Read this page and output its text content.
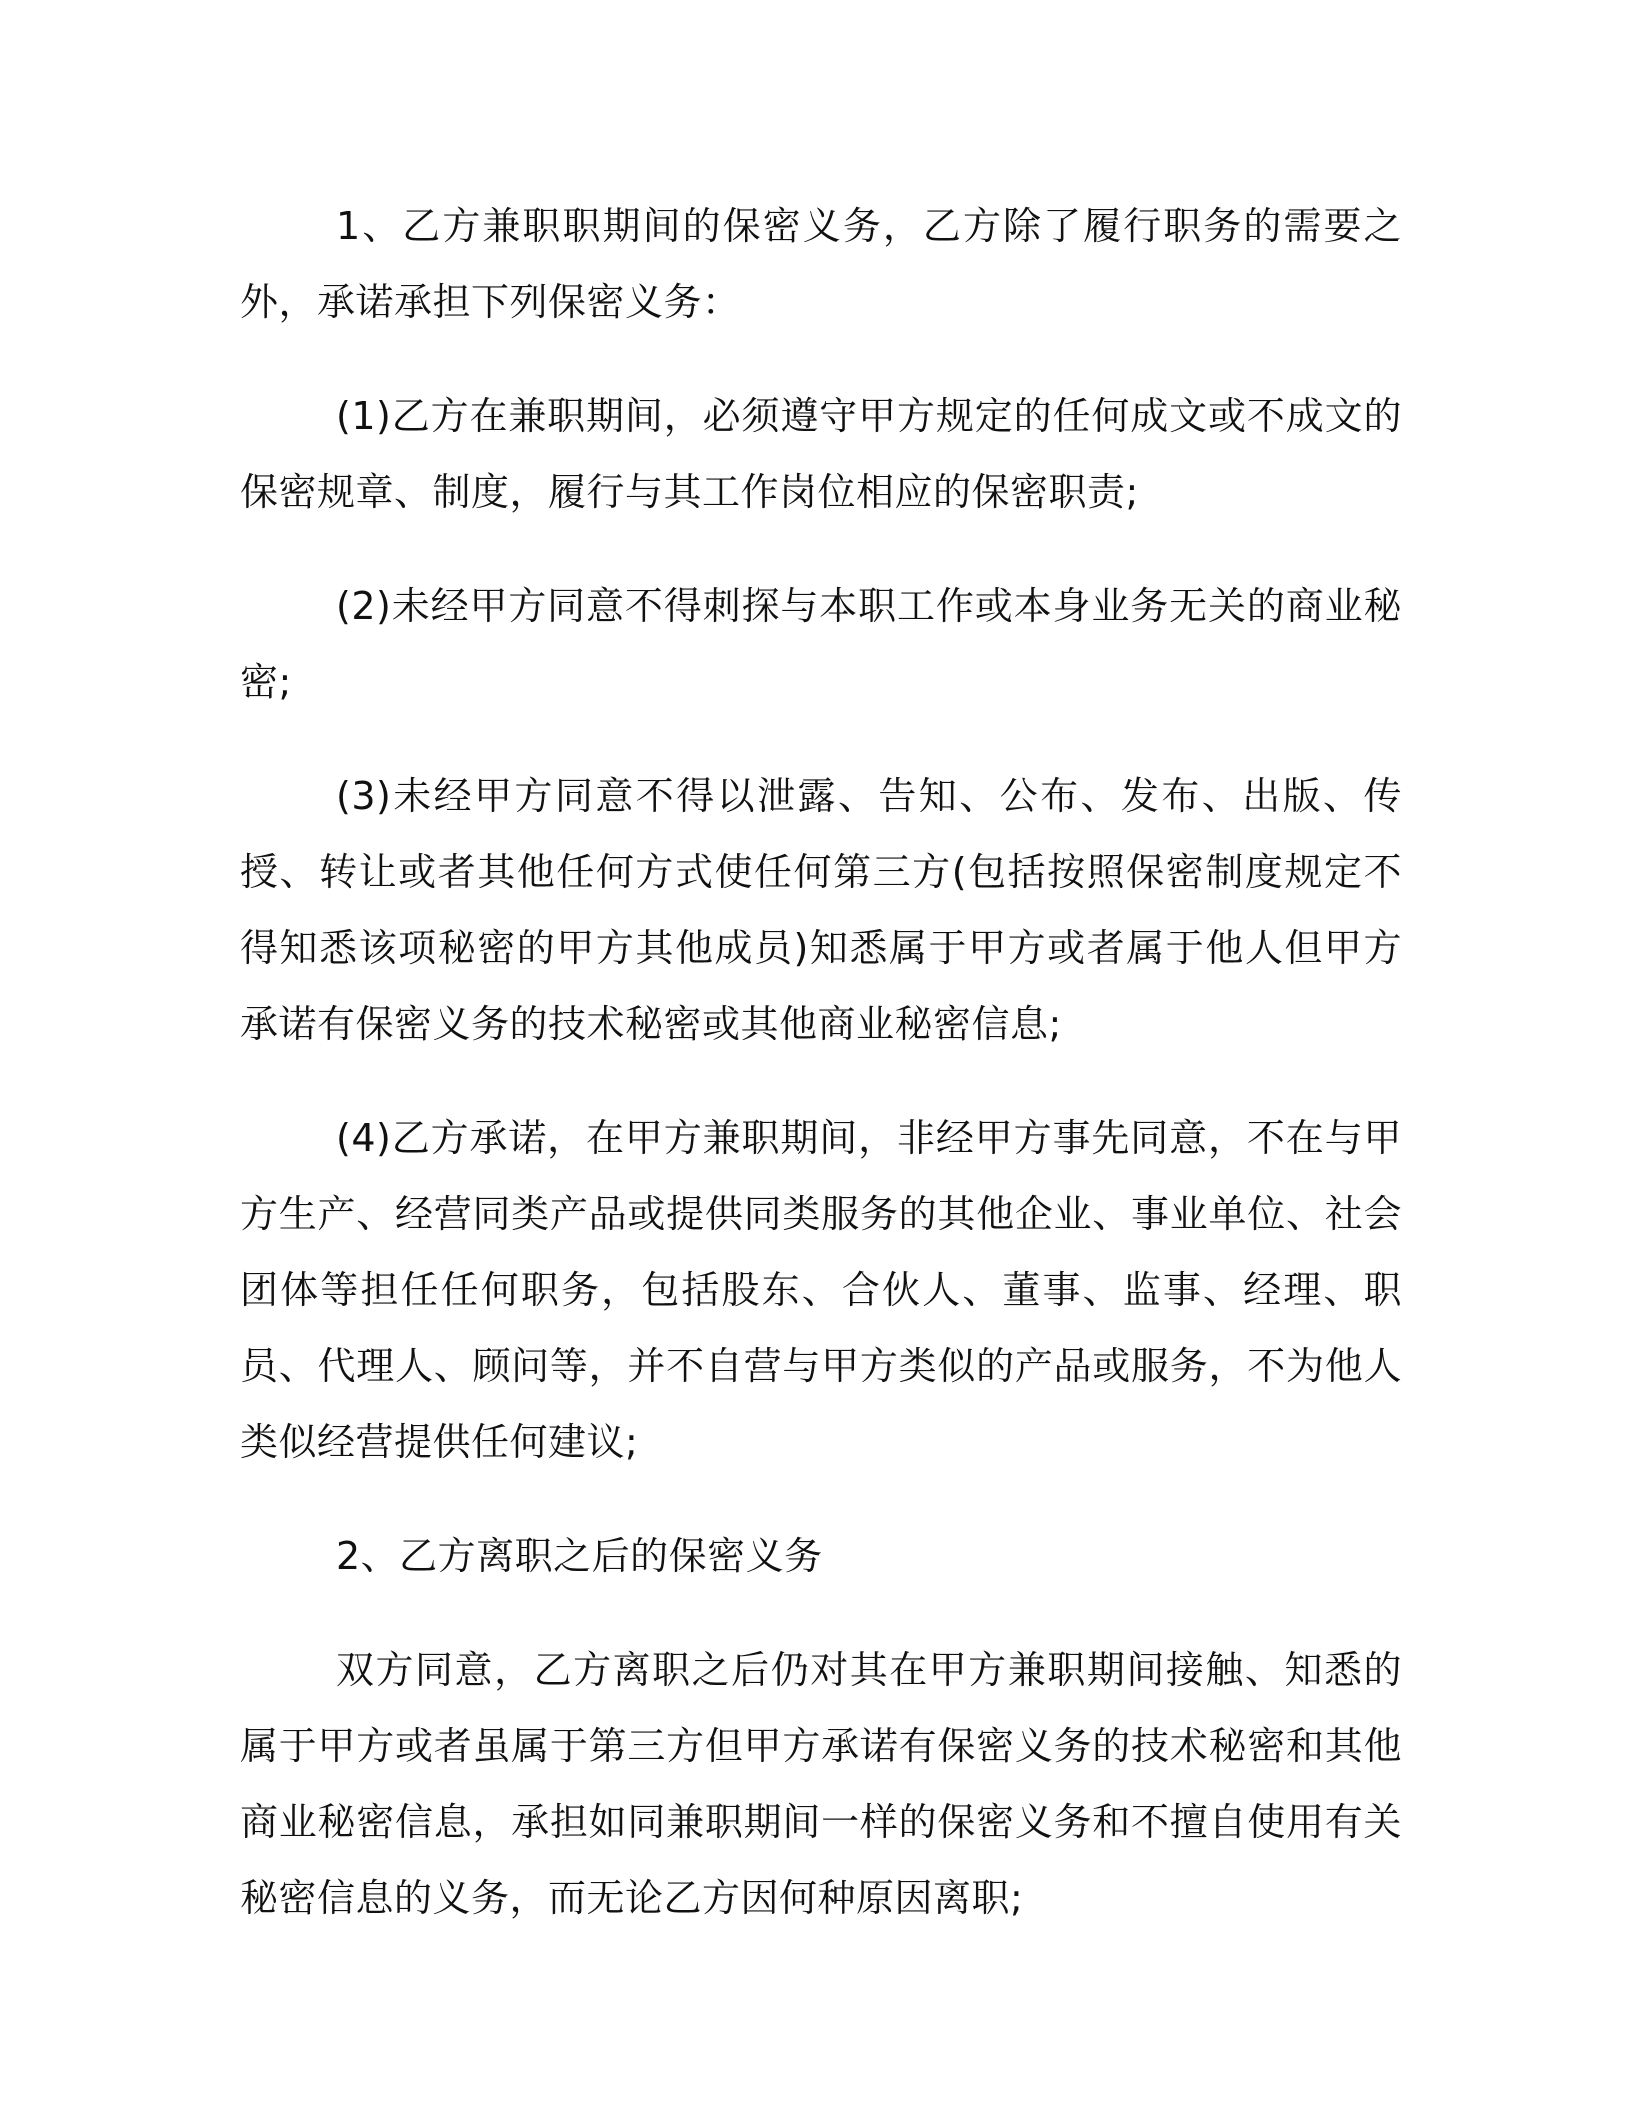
1、乙方兼职职期间的保密义务，乙方除了履行职务的需要之外，承诺承担下列保密义务：

(1)乙方在兼职期间，必须遵守甲方规定的任何成文或不成文的保密规章、制度，履行与其工作岗位相应的保密职责;

(2)未经甲方同意不得刺探与本职工作或本身业务无关的商业秘密;

(3)未经甲方同意不得以泄露、告知、公布、发布、出版、传授、转让或者其他任何方式使任何第三方(包括按照保密制度规定不得知悉该项秘密的甲方其他成员)知悉属于甲方或者属于他人但甲方承诺有保密义务的技术秘密或其他商业秘密信息;

(4)乙方承诺，在甲方兼职期间，非经甲方事先同意，不在与甲方生产、经营同类产品或提供同类服务的其他企业、事业单位、社会团体等担任任何职务，包括股东、合伙人、董事、监事、经理、职员、代理人、顾问等，并不自营与甲方类似的产品或服务，不为他人类似经营提供任何建议;

2、乙方离职之后的保密义务

双方同意，乙方离职之后仍对其在甲方兼职期间接触、知悉的属于甲方或者虽属于第三方但甲方承诺有保密义务的技术秘密和其他商业秘密信息，承担如同兼职期间一样的保密义务和不擅自使用有关秘密信息的义务，而无论乙方因何种原因离职;
